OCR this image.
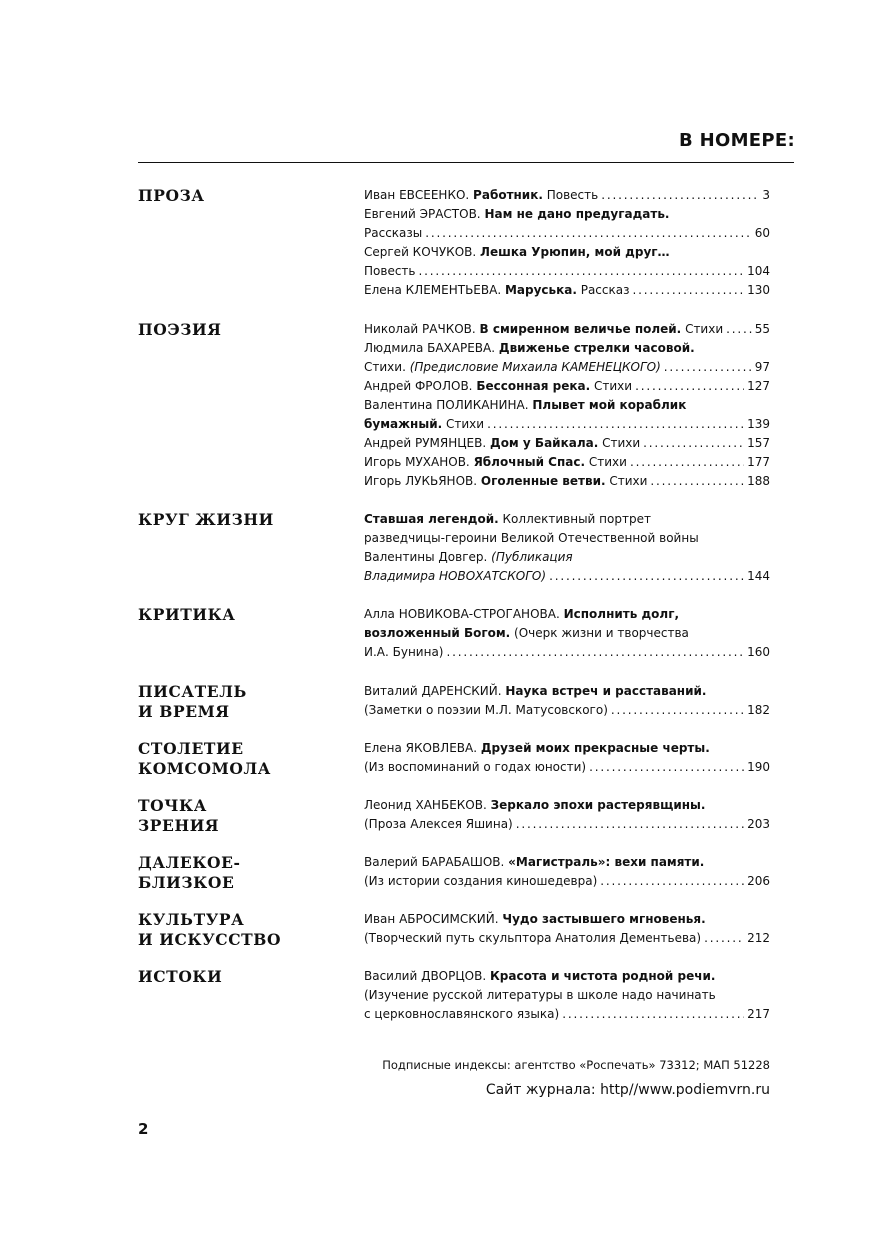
В НОМЕРЕ:
ПРОЗА	Иван ЕВСЕЕНКО. Работник. Повесть . . .	3
Евгений ЭРАСТОВ. Нам не дано предугадать.
Рассказы . . .	60
Сергей КОЧУКОВ. Лешка Урюпин, мой друг…
Повесть . . .	104
Елена КЛЕМЕНТЬЕВА. Маруська. Рассказ . . .	130
ПОЭЗИЯ	Николай РАЧКОВ. В смиренном величье полей. Стихи . . .	55
Людмила БАХАРЕВА. Движенье стрелки часовой.
Стихи. (Предисловие Михаила КАМЕНЕЦКОГО) . . .	97
Андрей ФРОЛОВ. Бессонная река. Стихи . . .	127
Валентина ПОЛИКАНИНА. Плывет мой кораблик
бумажный. Стихи . . .	139
Андрей РУМЯНЦЕВ. Дом у Байкала. Стихи . . .	157
Игорь МУХАНОВ. Яблочный Спас. Стихи . . .	177
Игорь ЛУКЬЯНОВ. Оголенные ветви. Стихи . . .	188
КРУГ ЖИЗНИ	Ставшая легендой. Коллективный портрет
разведчицы-героини Великой Отечественной войны
Валентины Довгер. (Публикация
Владимира НОВОХАТСКОГО) . . .	144
КРИТИКА	Алла НОВИКОВА-СТРОГАНОВА. Исполнить долг,
возложенный Богом. (Очерк жизни и творчества
И.А. Бунина) . . .	160
ПИСАТЕЛЬ
И ВРЕМЯ
Виталий ДАРЕНСКИЙ. Наука встреч и расставаний.
(Заметки о поэзии М.Л. Матусовского) . . .	182
СТОЛЕТИЕ
КОМСОМОЛА
Елена ЯКОВЛЕВА. Друзей моих прекрасные черты.
(Из воспоминаний о годах юности) . . .	190
ТОЧКА
ЗРЕНИЯ
Леонид ХАНБЕКОВ. Зеркало эпохи растерявщины.
(Проза Алексея Яшина) . . .	203
ДАЛЕКОЕ-
БЛИЗКОЕ
Валерий БАРАБАШОВ. «Магистраль»: вехи памяти.
(Из истории создания киношедевра) . . .	206
КУЛЬТУРА
И ИСКУССТВО
Иван АБРОСИМСКИЙ. Чудо застывшего мгновенья.
(Творческий путь скульптора Анатолия Дементьева) . . .	212
ИСТОКИ	Василий ДВОРЦОВ. Красота и чистота родной речи.
(Изучение русской литературы в школе надо начинать
с церковнославянского языка) . . .	217
Подписные индексы: агентство «Роспечать» 73312; МАП 51228
Сайт журнала: http//www.podiemvrn.ru
2
